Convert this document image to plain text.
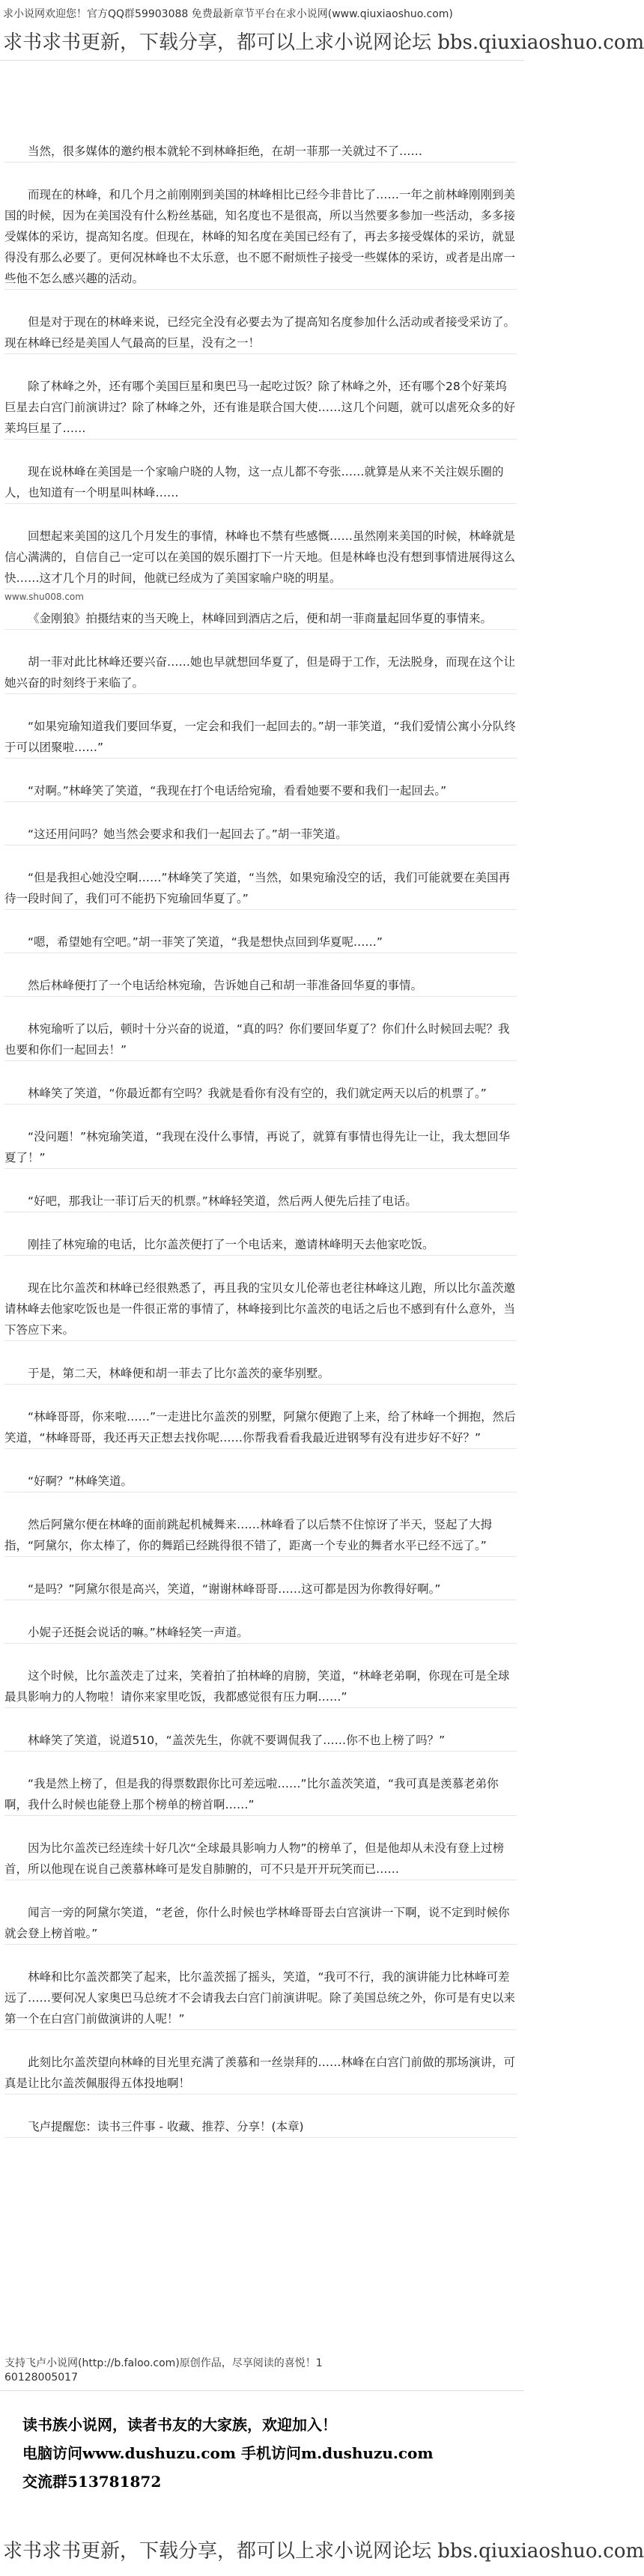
求小说网欢迎您！官方QQ群59903088 免费最新章节平台在求小说网(www.qiuxiaoshuo.com)
求书求书更新，下载分享，都可以上求小说网论坛 bbs.qiuxiaoshuo.com

当然，很多媒体的邀约根本就轮不到林峰拒绝，在胡一菲那一关就过不了……

而现在的林峰，和几个月之前刚刚到美国的林峰相比已经今非昔比了……一年之前林峰刚刚到美国的时候，因为在美国没有什么粉丝基础，知名度也不是很高，所以当然要多参加一些活动，多多接受媒体的采访，提高知名度。但现在，林峰的知名度在美国已经有了，再去多接受媒体的采访，就显得没有那么必要了。更何况林峰也不太乐意，也不愿不耐烦性子接受一些媒体的采访，或者是出席一些他不怎么感兴趣的活动。

但是对于现在的林峰来说，已经完全没有必要去为了提高知名度参加什么活动或者接受采访了。现在林峰已经是美国人气最高的巨星，没有之一！

除了林峰之外，还有哪个美国巨星和奥巴马一起吃过饭？除了林峰之外，还有哪个28个好莱坞巨星去白宫门前演讲过？除了林峰之外，还有谁是联合国大使……这几个问题，就可以虐死众多的好莱坞巨星了……

现在说林峰在美国是一个家喻户晓的人物，这一点儿都不夸张……就算是从来不关注娱乐圈的人，也知道有一个明星叫林峰……

回想起来美国的这几个月发生的事情，林峰也不禁有些感慨……虽然刚来美国的时候，林峰就是信心满满的，自信自己一定可以在美国的娱乐圈打下一片天地。但是林峰也没有想到事情进展得这么快……这才几个月的时间，他就已经成为了美国家喻户晓的明星。

www.shu008.com

《金刚狼》拍摄结束的当天晚上，林峰回到酒店之后，便和胡一菲商量起回华夏的事情来。

胡一菲对此比林峰还要兴奋……她也早就想回华夏了，但是碍于工作，无法脱身，而现在这个让她兴奋的时刻终于来临了。

“如果宛瑜知道我们要回华夏，一定会和我们一起回去的。”胡一菲笑道，“我们爱情公寓小分队终于可以团聚啦……”

“对啊。”林峰笑了笑道，“我现在打个电话给宛瑜，看看她要不要和我们一起回去。”

“这还用问吗？她当然会要求和我们一起回去了。”胡一菲笑道。

“但是我担心她没空啊……”林峰笑了笑道，“当然，如果宛瑜没空的话，我们可能就要在美国再待一段时间了，我们可不能扔下宛瑜回华夏了。”

“嗯，希望她有空吧。”胡一菲笑了笑道，“我是想快点回到华夏呢……”

然后林峰便打了一个电话给林宛瑜，告诉她自己和胡一菲准备回华夏的事情。

林宛瑜听了以后，顿时十分兴奋的说道，“真的吗？你们要回华夏了？你们什么时候回去呢？我也要和你们一起回去！”

林峰笑了笑道，“你最近都有空吗？我就是看你有没有空的，我们就定两天以后的机票了。”

“没问题！”林宛瑜笑道，“我现在没什么事情，再说了，就算有事情也得先让一让，我太想回华夏了！”

“好吧，那我让一菲订后天的机票。”林峰轻笑道，然后两人便先后挂了电话。

刚挂了林宛瑜的电话，比尔盖茨便打了一个电话来，邀请林峰明天去他家吃饭。

现在比尔盖茨和林峰已经很熟悉了，再且我的宝贝女儿伦蒂也老往林峰这儿跑，所以比尔盖茨邀请林峰去他家吃饭也是一件很正常的事情了，林峰接到比尔盖茨的电话之后也不感到有什么意外，当下答应下来。

于是，第二天，林峰便和胡一菲去了比尔盖茨的豪华别墅。

“林峰哥哥，你来啦……”一走进比尔盖茨的别墅，阿黛尔便跑了上来，给了林峰一个拥抱，然后笑道，“林峰哥哥，我还再天正想去找你呢……你帮我看看我最近进钢琴有没有进步好不好？”

“好啊？”林峰笑道。

然后阿黛尔便在林峰的面前跳起机械舞来……林峰看了以后禁不住惊讶了半天，竖起了大拇指，“阿黛尔，你太棒了，你的舞蹈已经跳得很不错了，距离一个专业的舞者水平已经不远了。”

“是吗？”阿黛尔很是高兴，笑道，“谢谢林峰哥哥……这可都是因为你教得好啊。”

小妮子还挺会说话的嘛。”林峰轻笑一声道。

这个时候，比尔盖茨走了过来，笑着拍了拍林峰的肩膀，笑道，“林峰老弟啊，你现在可是全球最具影响力的人物啦！请你来家里吃饭，我都感觉很有压力啊……”

林峰笑了笑道，说道510，“盖茨先生，你就不要调侃我了……你不也上榜了吗？”

“我是然上榜了，但是我的得票数跟你比可差远啦……”比尔盖茨笑道，“我可真是羡慕老弟你啊，我什么时候也能登上那个榜单的榜首啊……”

因为比尔盖茨已经连续十好几次“全球最具影响力人物”的榜单了，但是他却从未没有登上过榜首，所以他现在说自己羡慕林峰可是发自肺腑的，可不只是开开玩笑而已……

闻言一旁的阿黛尔笑道，“老爸，你什么时候也学林峰哥哥去白宫演讲一下啊，说不定到时候你就会登上榜首啦。”

林峰和比尔盖茨都笑了起来，比尔盖茨摇了摇头，笑道，“我可不行，我的演讲能力比林峰可差远了……要何况人家奥巴马总统才不会请我去白宫门前演讲呢。除了美国总统之外，你可是有史以来第一个在白宫门前做演讲的人呢！”

此刻比尔盖茨望向林峰的目光里充满了羡慕和一丝崇拜的……林峰在白宫门前做的那场演讲，可真是让比尔盖茨佩服得五体投地啊！

飞卢提醒您：读书三件事 - 收藏、推荐、分享！(本章)

支持飞卢小说网(http://b.faloo.com)原创作品，尽享阅读的喜悦！1
60128005017
读书族小说网，读者书友的大家族，欢迎加入！
电脑访问www.dushuzu.com 手机访问m.dushuzu.com
交流群513781872
求书求书更新，下载分享，都可以上求小说网论坛 bbs.qiuxiaoshuo.com
